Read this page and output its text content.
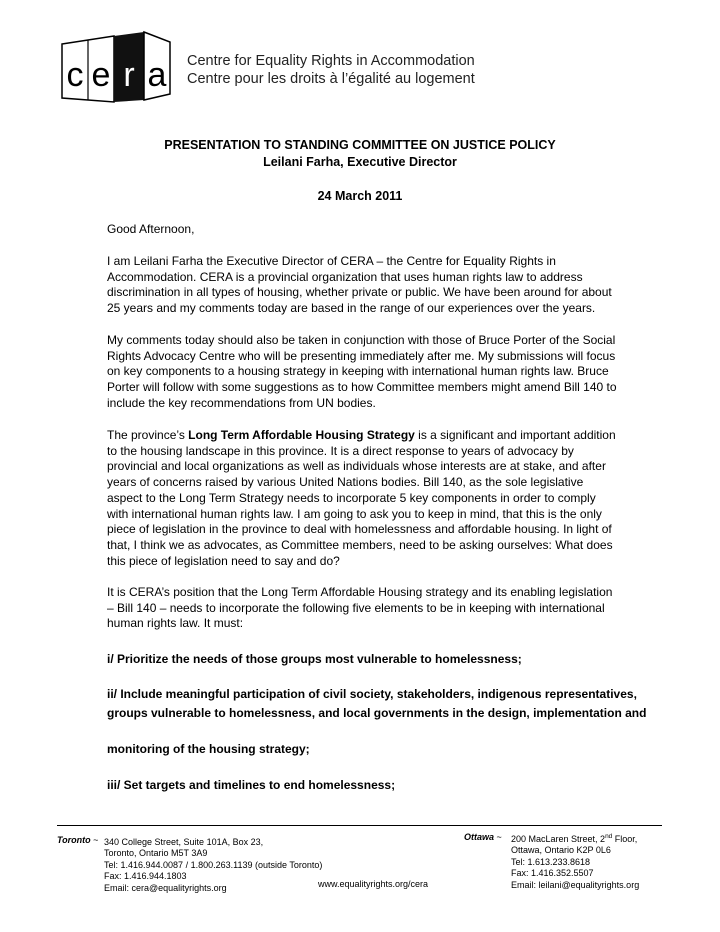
c e r a Centre for Equality Rights in Accommodation
Centre pour les droits à l’égalité au logement
PRESENTATION TO STANDING COMMITTEE ON JUSTICE POLICY
Leilani Farha, Executive Director
24 March 2011

Good Afternoon,

I am Leilani Farha the Executive Director of CERA – the Centre for Equality Rights in Accommodation. CERA is a provincial organization that uses human rights law to address discrimination in all types of housing, whether private or public. We have been around for about 25 years and my comments today are based in the range of our experiences over the years.

My comments today should also be taken in conjunction with those of Bruce Porter of the Social Rights Advocacy Centre who will be presenting immediately after me. My submissions will focus on key components to a housing strategy in keeping with international human rights law. Bruce Porter will follow with some suggestions as to how Committee members might amend Bill 140 to include the key recommendations from UN bodies.

The province’s Long Term Affordable Housing Strategy is a significant and important addition to the housing landscape in this province. It is a direct response to years of advocacy by provincial and local organizations as well as individuals whose interests are at stake, and after years of concerns raised by various United Nations bodies. Bill 140, as the sole legislative aspect to the Long Term Strategy needs to incorporate 5 key components in order to comply with international human rights law. I am going to ask you to keep in mind, that this is the only piece of legislation in the province to deal with homelessness and affordable housing. In light of that, I think we as advocates, as Committee members, need to be asking ourselves: What does this piece of legislation need to say and do?

It is CERA’s position that the Long Term Affordable Housing strategy and its enabling legislation – Bill 140 – needs to incorporate the following five elements to be in keeping with international human rights law. It must:

i/ Prioritize the needs of those groups most vulnerable to homelessness;
ii/ Include meaningful participation of civil society, stakeholders, indigenous representatives,
groups vulnerable to homelessness, and local governments in the design, implementation and
monitoring of the housing strategy;
iii/ Set targets and timelines to end homelessness;
Toronto ~ 340 College Street, Suite 101A, Box 23,
Toronto, Ontario M5T 3A9
Tel: 1.416.944.0087 / 1.800.263.1139 (outside Toronto)
Fax: 1.416.944.1803
Email: cera@equalityrights.org	www.equalityrights.org/cera
Ottawa ~ 200 MacLaren Street, 2nd Floor,
Ottawa, Ontario K2P 0L6
Tel: 1.613.233.8618
Fax: 1.416.352.5507
Email: leilani@equalityrights.org
